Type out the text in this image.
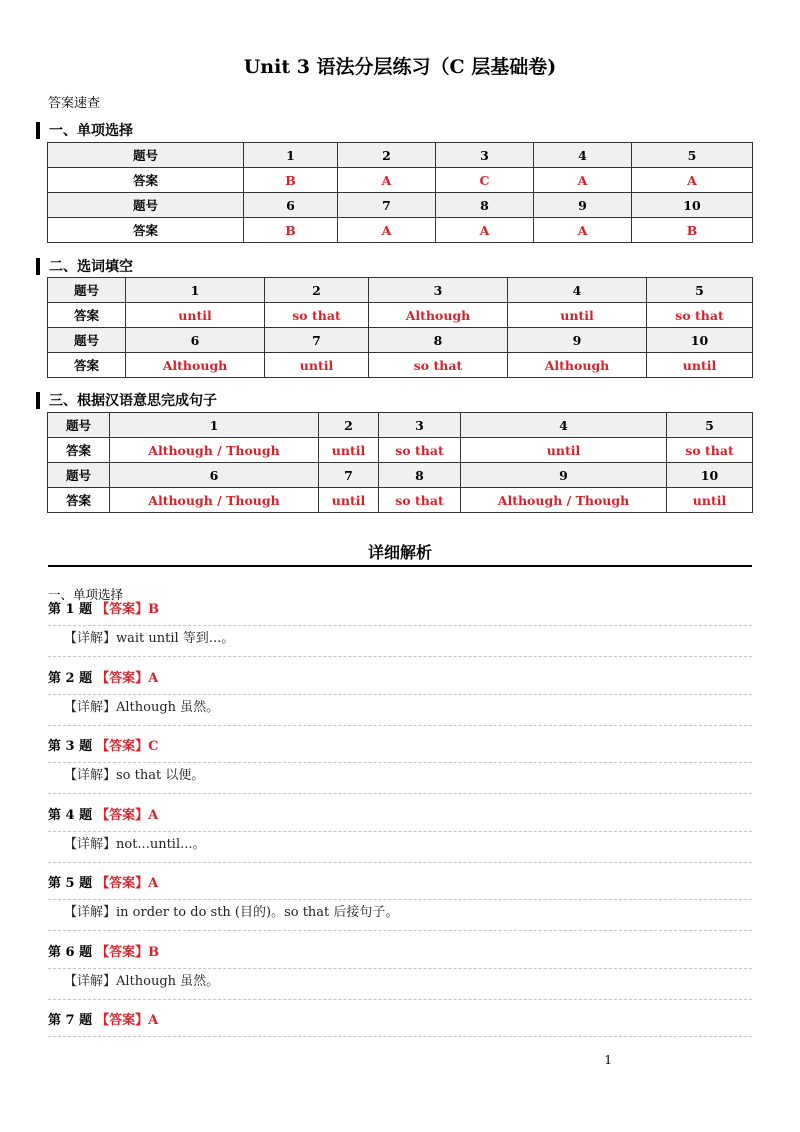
Unit 3 语法分层练习（C 层基础卷)
答案速查
一、单项选择
题号	1	2	3	4	5
答案	B	A	C	A	A
题号	6	7	8	9	10
答案	B	A	A	A	B
二、选词填空
题号	1	2	3	4	5
答案	until	so that	Although	until	so that
题号	6	7	8	9	10
答案	Although	until	so that	Although	until
三、根据汉语意思完成句子
题号	1	2	3	4	5
答案	Although / Though	until	so that	until	so that
题号	6	7	8	9	10
答案	Although / Though	until	so that	Although / Though	until
详细解析
一、单项选择
第 1 题 【答案】B
【详解】wait until 等到...。
第 2 题 【答案】A
【详解】Although 虽然。
第 3 题 【答案】C
【详解】so that 以便。
第 4 题 【答案】A
【详解】not...until...。
第 5 题 【答案】A
【详解】in order to do sth (目的)。so that 后接句子。
第 6 题 【答案】B
【详解】Although 虽然。
第 7 题 【答案】A
1
